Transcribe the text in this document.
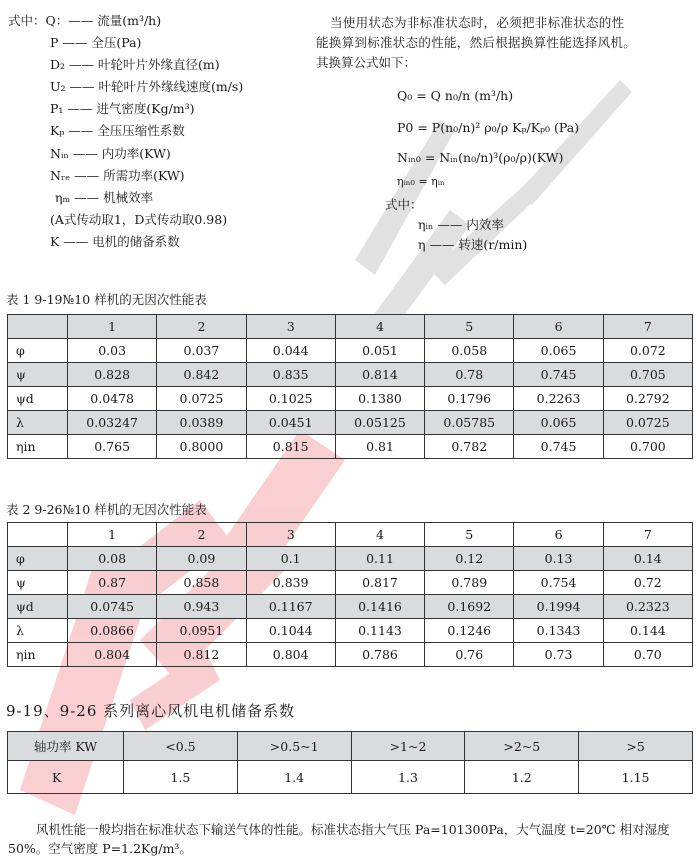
式中：Q：—— 流量(m³/h)
P —— 全压(Pa)
D₂ —— 叶轮叶片外缘直径(m)
U₂ —— 叶轮叶片外缘线速度(m/s)
P₁ —— 进气密度(Kg/m³)
Kₚ —— 全压压缩性系数
Nᵢₙ —— 内功率(KW)
Nᵣₑ —— 所需功率(KW)
ηₘ —— 机械效率
(A式传动取1，D式传动取0.98)
K —— 电机的储备系数
当使用状态为非标准状态时，必须把非标准状态的性
能换算到标准状态的性能，然后根据换算性能选择风机。
其换算公式如下：
Q₀ = Q n₀/n (m³/h)
P0 = P(n₀/n)² ρ₀/ρ Kₚ/Kₚ₀ (Pa)
Nᵢₙ₀ = Nᵢₙ(n₀/n)³(ρ₀/ρ)(KW)
ηᵢₙ₀ = ηᵢₙ
式中：
ηᵢₙ —— 内效率
η —— 转速(r/min)
表 1 9-19№10 样机的无因次性能表
	1	2	3	4	5	6	7
φ	0.03	0.037	0.044	0.051	0.058	0.065	0.072
ψ	0.828	0.842	0.835	0.814	0.78	0.745	0.705
ψd	0.0478	0.0725	0.1025	0.1380	0.1796	0.2263	0.2792
λ	0.03247	0.0389	0.0451	0.05125	0.05785	0.065	0.0725
ηin	0.765	0.8000	0.815	0.81	0.782	0.745	0.700
表 2 9-26№10 样机的无因次性能表
	1	2	3	4	5	6	7
φ	0.08	0.09	0.1	0.11	0.12	0.13	0.14
ψ	0.87	0.858	0.839	0.817	0.789	0.754	0.72
ψd	0.0745	0.943	0.1167	0.1416	0.1692	0.1994	0.2323
λ	0.0866	0.0951	0.1044	0.1143	0.1246	0.1343	0.144
ηin	0.804	0.812	0.804	0.786	0.76	0.73	0.70
9-19、9-26 系列离心风机电机储备系数
轴功率 KW	<0.5	>0.5~1	>1~2	>2~5	>5
K	1.5	1.4	1.3	1.2	1.15
风机性能一般均指在标准状态下输送气体的性能。标准状态指大气压 Pa=101300Pa，大气温度 t=20℃ 相对湿度 50%。空气密度 P=1.2Kg/m³。
